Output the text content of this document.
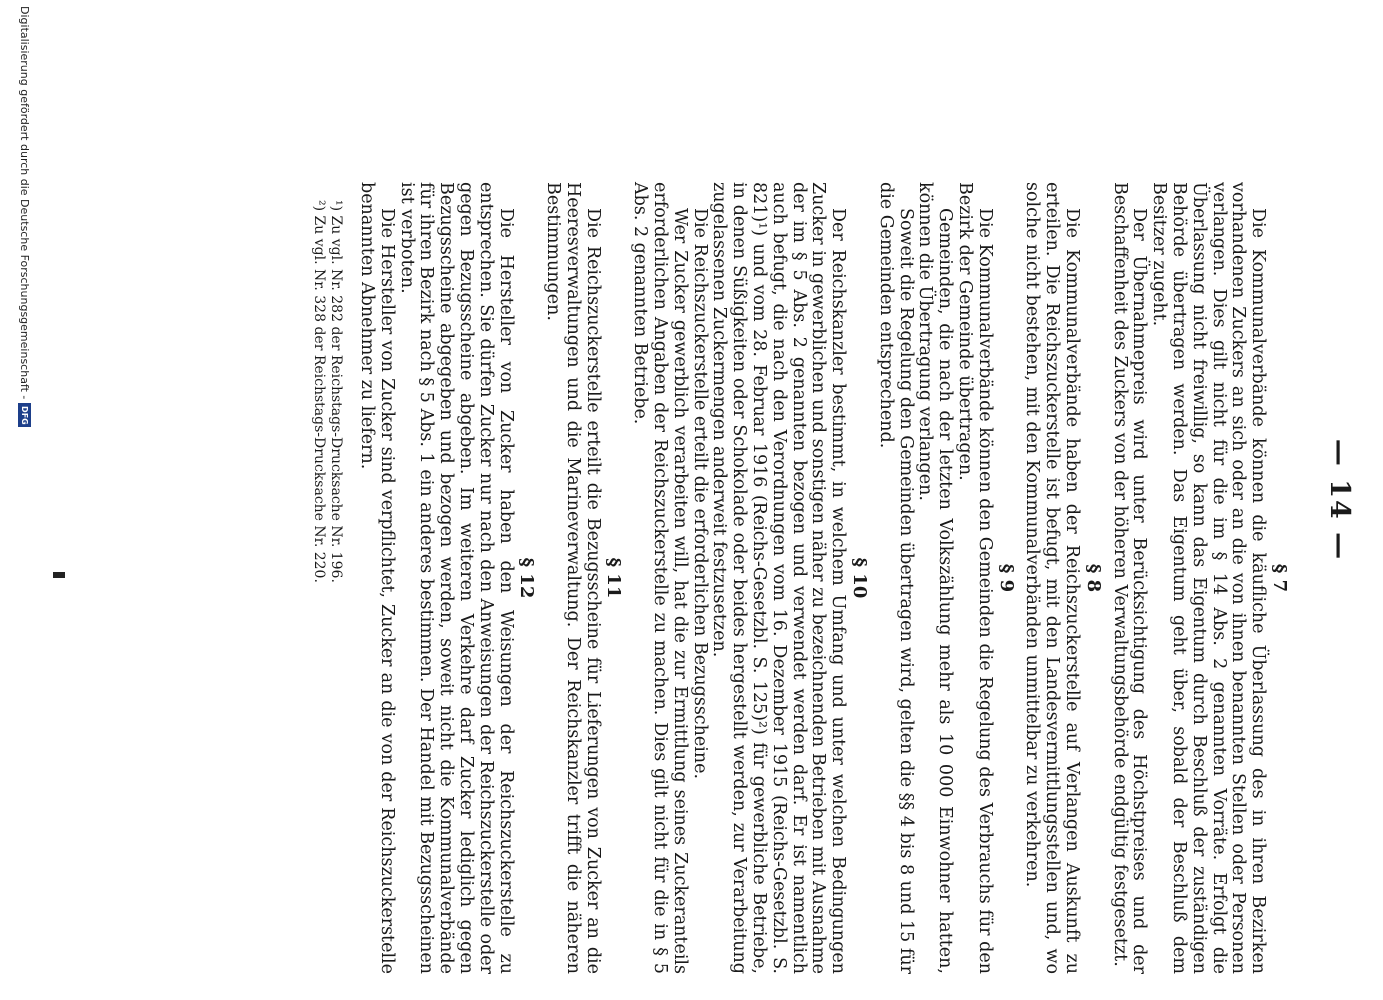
— 14 —
§ 7

Die Kommunalverbände können die käufliche Überlassung des in ihren Bezirken vorhandenen Zuckers an sich oder an die von ihnen benannten Stellen oder Personen verlangen. Dies gilt nicht für die im § 14 Abs. 2 genannten Vorräte. Erfolgt die Überlassung nicht freiwillig, so kann das Eigentum durch Beschluß der zuständigen Behörde übertragen werden. Das Eigentum geht über, sobald der Beschluß dem Besitzer zugeht.

Der Übernahmepreis wird unter Berücksichtigung des Höchstpreises und der Beschaffenheit des Zuckers von der höheren Verwaltungsbehörde endgültig festgesetzt.

§ 8

Die Kommunalverbände haben der Reichszuckerstelle auf Verlangen Auskunft zu erteilen. Die Reichszuckerstelle ist befugt, mit den Landesvermittlungsstellen und, wo solche nicht bestehen, mit den Kommunalverbänden unmittelbar zu verkehren.

§ 9

Die Kommunalverbände können den Gemeinden die Regelung des Verbrauchs für den Bezirk der Gemeinde übertragen.

Gemeinden, die nach der letzten Volkszählung mehr als 10 000 Einwohner hatten, können die Übertragung verlangen.

Soweit die Regelung den Gemeinden übertragen wird, gelten die §§ 4 bis 8 und 15 für die Gemeinden entsprechend.

§ 10

Der Reichskanzler bestimmt, in welchem Umfang und unter welchen Bedingungen Zucker in gewerblichen und sonstigen näher zu bezeichnenden Betrieben mit Ausnahme der im § 5 Abs. 2 genannten bezogen und verwendet werden darf. Er ist namentlich auch befugt, die nach den Verordnungen vom 16. Dezember 1915 (Reichs-Gesetzbl. S. 821)¹) und vom 28. Februar 1916 (Reichs-Gesetzbl. S. 125)²) für gewerbliche Betriebe, in denen Süßigkeiten oder Schokolade oder beides hergestellt werden, zur Verarbeitung zugelassenen Zuckermengen anderweit festzusetzen.

Die Reichszuckerstelle erteilt die erforderlichen Bezugsscheine.

Wer Zucker gewerblich verarbeiten will, hat die zur Ermittlung seines Zuckeranteils erforderlichen Angaben der Reichszuckerstelle zu machen. Dies gilt nicht für die in § 5 Abs. 2 genannten Betriebe.

§ 11

Die Reichszuckerstelle erteilt die Bezugsscheine für Lieferungen von Zucker an die Heeresverwaltungen und die Marineverwaltung. Der Reichskanzler trifft die näheren Bestimmungen.

§ 12

Die Hersteller von Zucker haben den Weisungen der Reichszuckerstelle zu entsprechen. Sie dürfen Zucker nur nach den Anweisungen der Reichszuckerstelle oder gegen Bezugsscheine abgeben. Im weiteren Verkehre darf Zucker lediglich gegen Bezugsscheine abgegeben und bezogen werden, soweit nicht die Kommunalverbände für ihren Bezirk nach § 5 Abs. 1 ein anderes bestimmen. Der Handel mit Bezugsscheinen ist verboten.

Die Hersteller von Zucker sind verpflichtet, Zucker an die von der Reichszuckerstelle benannten Abnehmer zu liefern.

¹) Zu vgl. Nr. 282 der Reichstags-Drucksache Nr. 196.

²) Zu vgl. Nr. 328 der Reichstags-Drucksache Nr. 220.

Digitalisierung gefördert durch die Deutsche Forschungsgemeinschaft -
DFG
